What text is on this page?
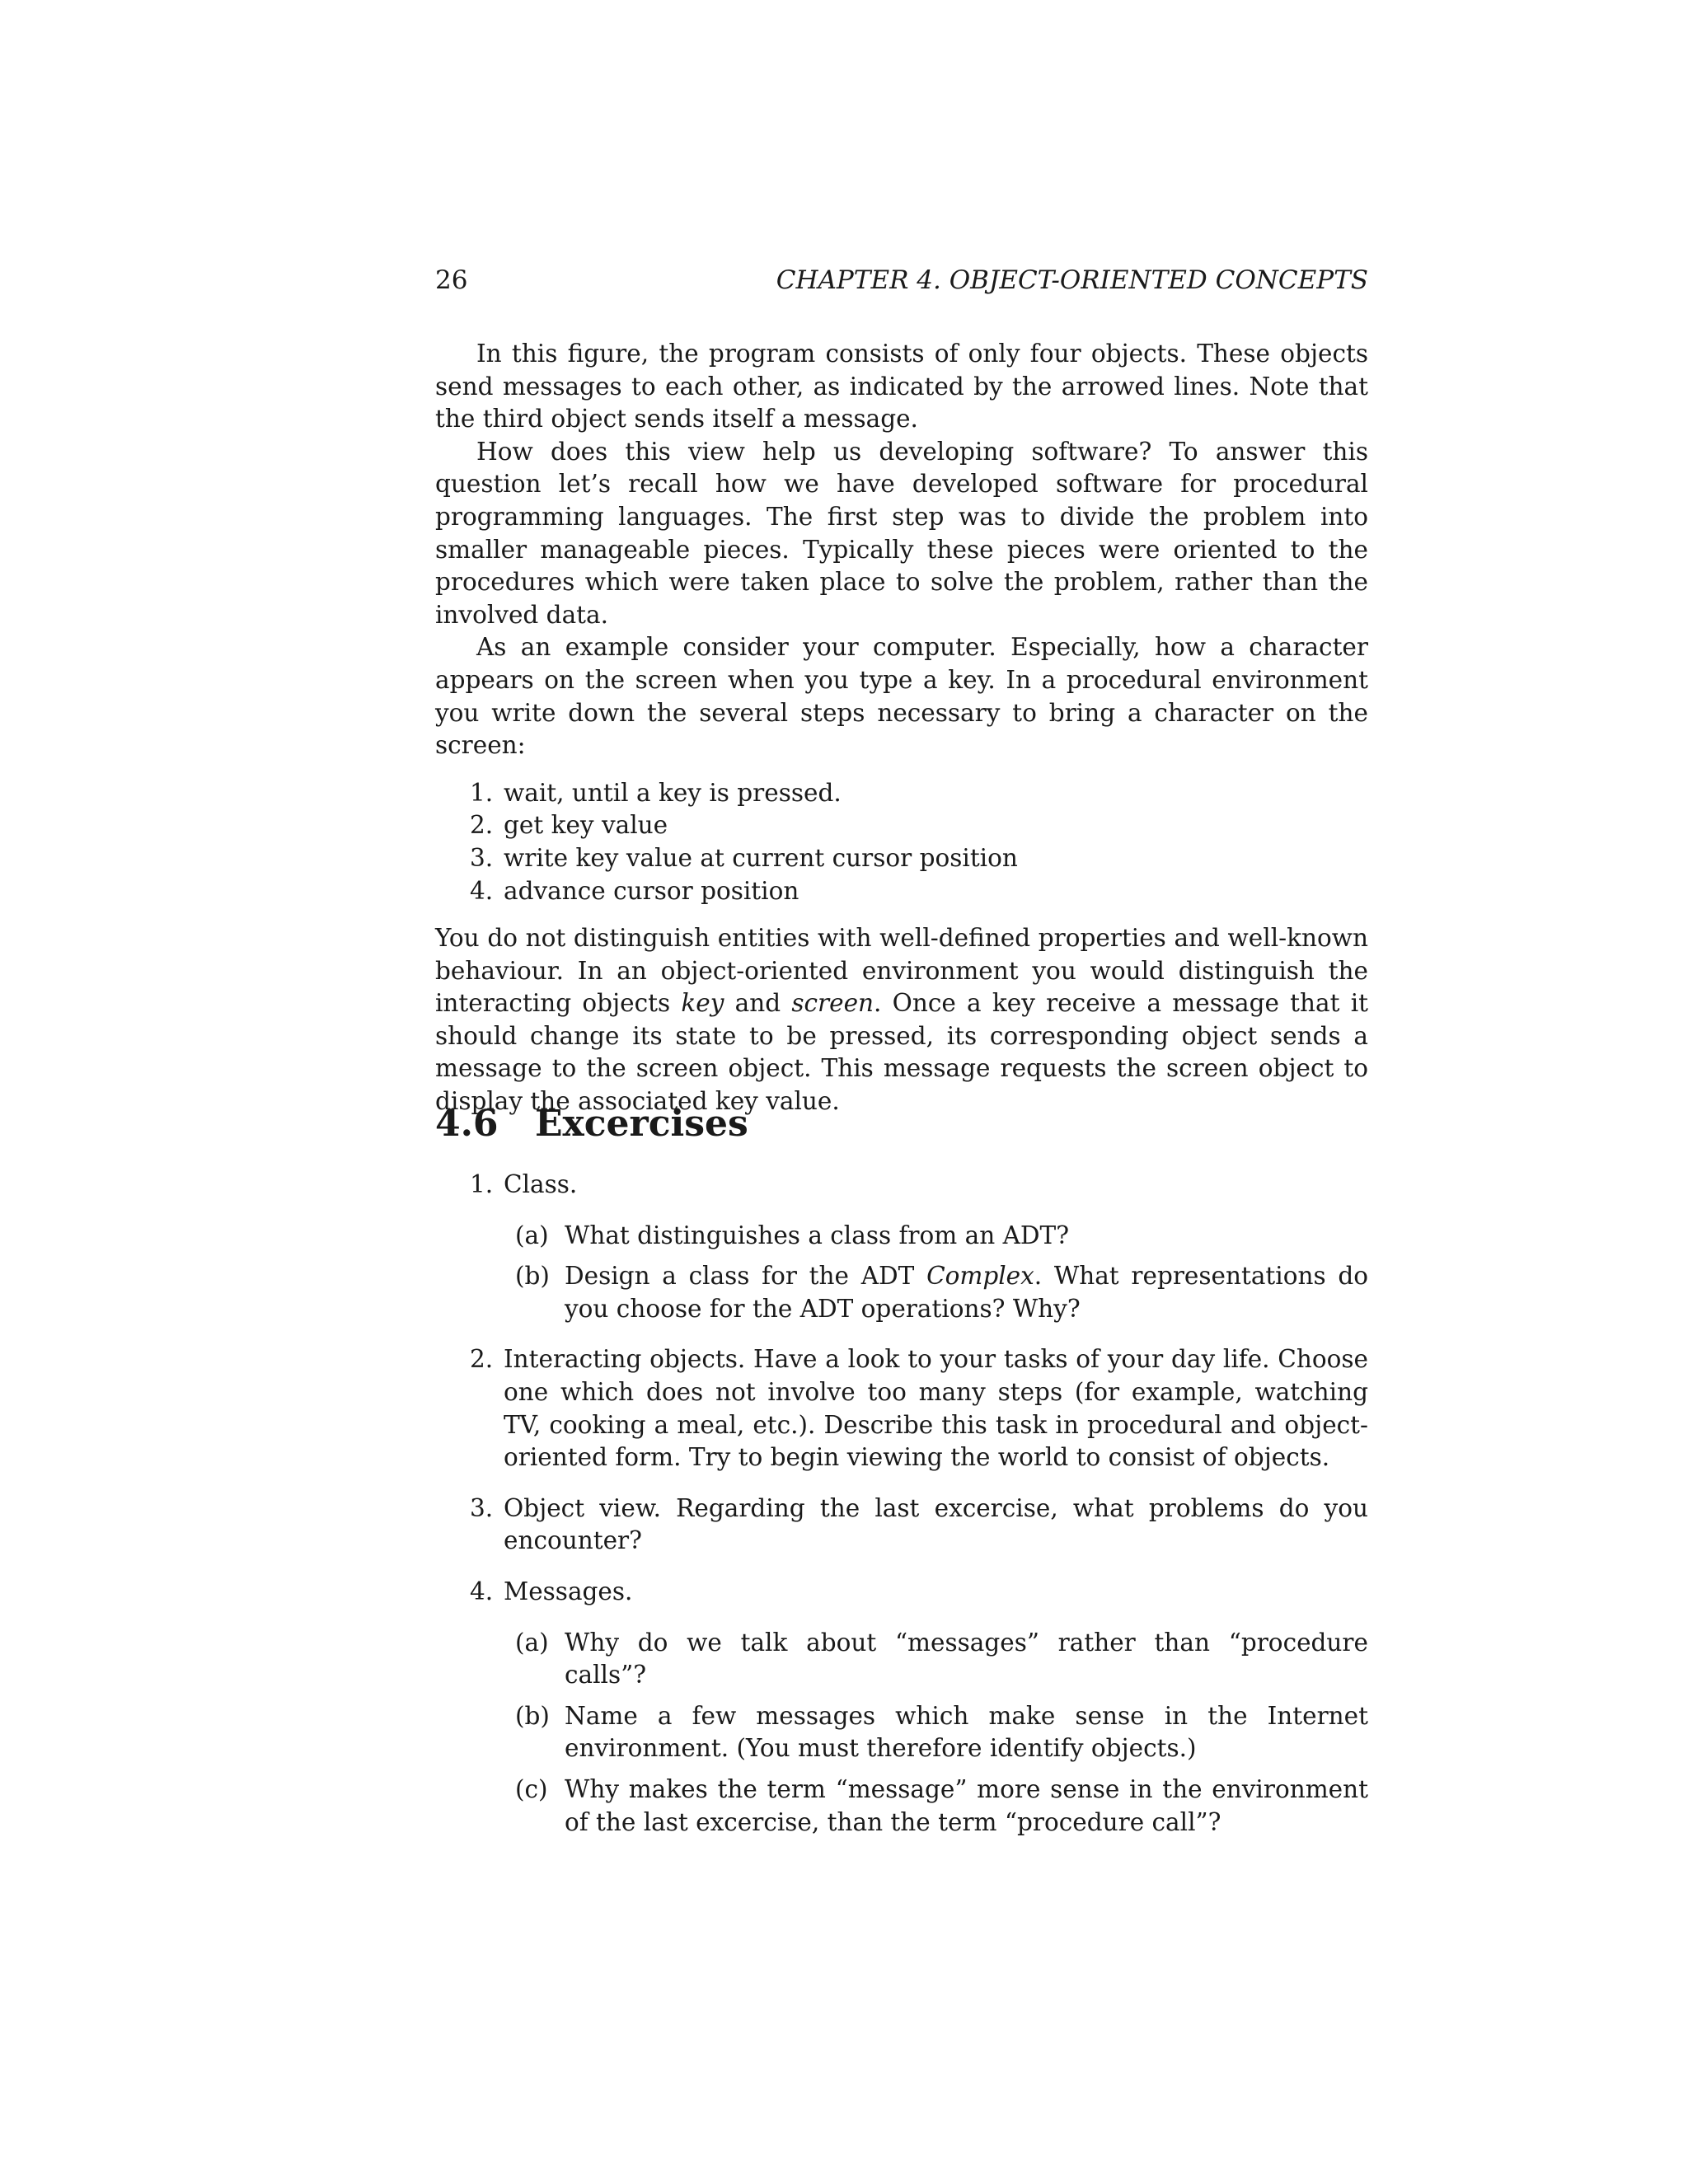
26	CHAPTER 4. OBJECT-ORIENTED CONCEPTS

In this figure, the program consists of only four objects. These objects send messages to each other, as indicated by the arrowed lines. Note that the third object sends itself a message.

How does this view help us developing software? To answer this question let’s recall how we have developed software for procedural programming languages. The first step was to divide the problem into smaller manageable pieces. Typically these pieces were oriented to the procedures which were taken place to solve the problem, rather than the involved data.

As an example consider your computer. Especially, how a character appears on the screen when you type a key. In a procedural environment you write down the several steps necessary to bring a character on the screen:

1. wait, until a key is pressed.
2. get key value
3. write key value at current cursor position
4. advance cursor position

You do not distinguish entities with well-defined properties and well-known behaviour. In an object-oriented environment you would distinguish the interacting objects key and screen. Once a key receive a message that it should change its state to be pressed, its corresponding object sends a message to the screen object. This message requests the screen object to display the associated key value.

4.6 Excercises
1. Class.
(a) What distinguishes a class from an ADT?
(b) Design a class for the ADT Complex. What representations do you choose for the ADT operations? Why?
2. Interacting objects. Have a look to your tasks of your day life. Choose one which does not involve too many steps (for example, watching TV, cooking a meal, etc.). Describe this task in procedural and object-oriented form. Try to begin viewing the world to consist of objects.
3. Object view. Regarding the last excercise, what problems do you encounter?
4. Messages.
(a) Why do we talk about “messages” rather than “procedure calls”?
(b) Name a few messages which make sense in the Internet environment. (You must therefore identify objects.)
(c) Why makes the term “message” more sense in the environment of the last excercise, than the term “procedure call”?
